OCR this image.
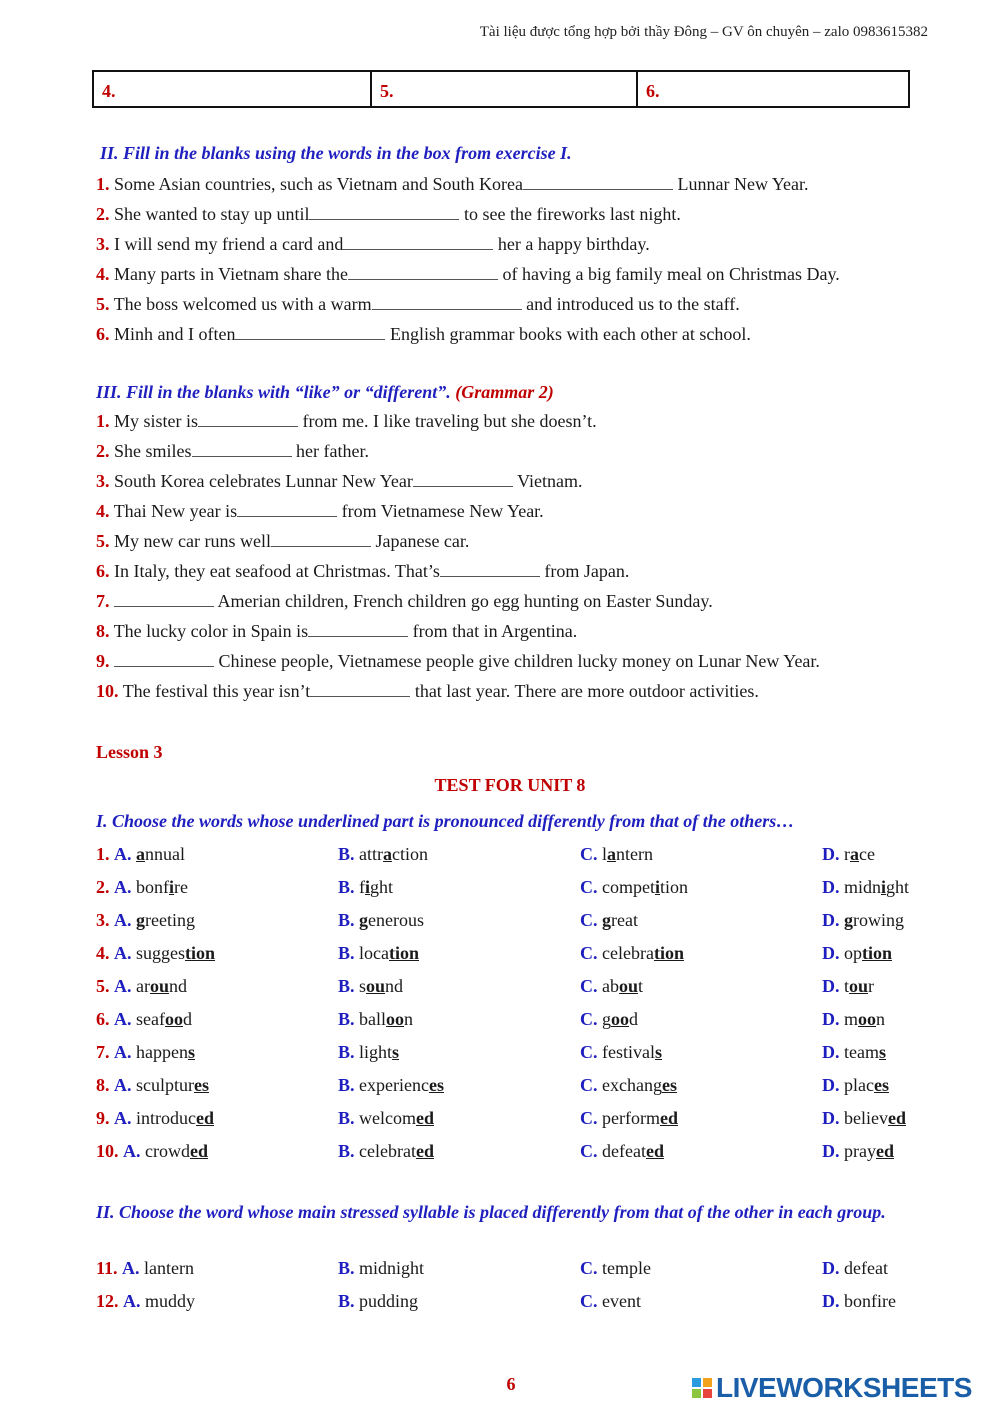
Tài liệu được tổng hợp bởi thầy Đông – GV ôn chuyên – zalo 0983615382
4.	5.	6.
II. Fill in the blanks using the words in the box from exercise I.
1. Some Asian countries, such as Vietnam and South Korea	Lunnar New Year.
2. She wanted to stay up until	to see the fireworks last night.
3. I will send my friend a card and	her a happy birthday.
4. Many parts in Vietnam share the	of having a big family meal on Christmas Day.
5. The boss welcomed us with a warm	and introduced us to the staff.
6. Minh and I often	English grammar books with each other at school.
III. Fill in the blanks with “like” or “different”. (Grammar 2)
1. My sister is	from me. I like traveling but she doesn’t.
2. She smiles	her father.
3. South Korea celebrates Lunnar New Year	Vietnam.
4. Thai New year is	from Vietnamese New Year.
5. My new car runs well	Japanese car.
6. In Italy, they eat seafood at Christmas. That’s	from Japan.
7.	Amerian children, French children go egg hunting on Easter Sunday.
8. The lucky color in Spain is	from that in Argentina.
9.	Chinese people, Vietnamese people give children lucky money on Lunar New Year.
10. The festival this year isn’t	that last year. There are more outdoor activities.
Lesson 3
TEST FOR UNIT 8
I. Choose the words whose underlined part is pronounced differently from that of the others…
1. A. annual	B. attraction	C. lantern	D. race
2. A. bonfire	B. fight	C. competition	D. midnight
3. A. greeting	B. generous	C. great	D. growing
4. A. suggestion	B. location	C. celebration	D. option
5. A. around	B. sound	C. about	D. tour
6. A. seafood	B. balloon	C. good	D. moon
7. A. happens	B. lights	C. festivals	D. teams
8. A. sculptures	B. experiences	C. exchanges	D. places
9. A. introduced	B. welcomed	C. performed	D. believed
10. A. crowded	B. celebrated	C. defeated	D. prayed
II. Choose the word whose main stressed syllable is placed differently from that of the other in each group.
11. A. lantern	B. midnight	C. temple	D. defeat
12. A. muddy	B. pudding	C. event	D. bonfire
6	LIVEWORKSHEETS
